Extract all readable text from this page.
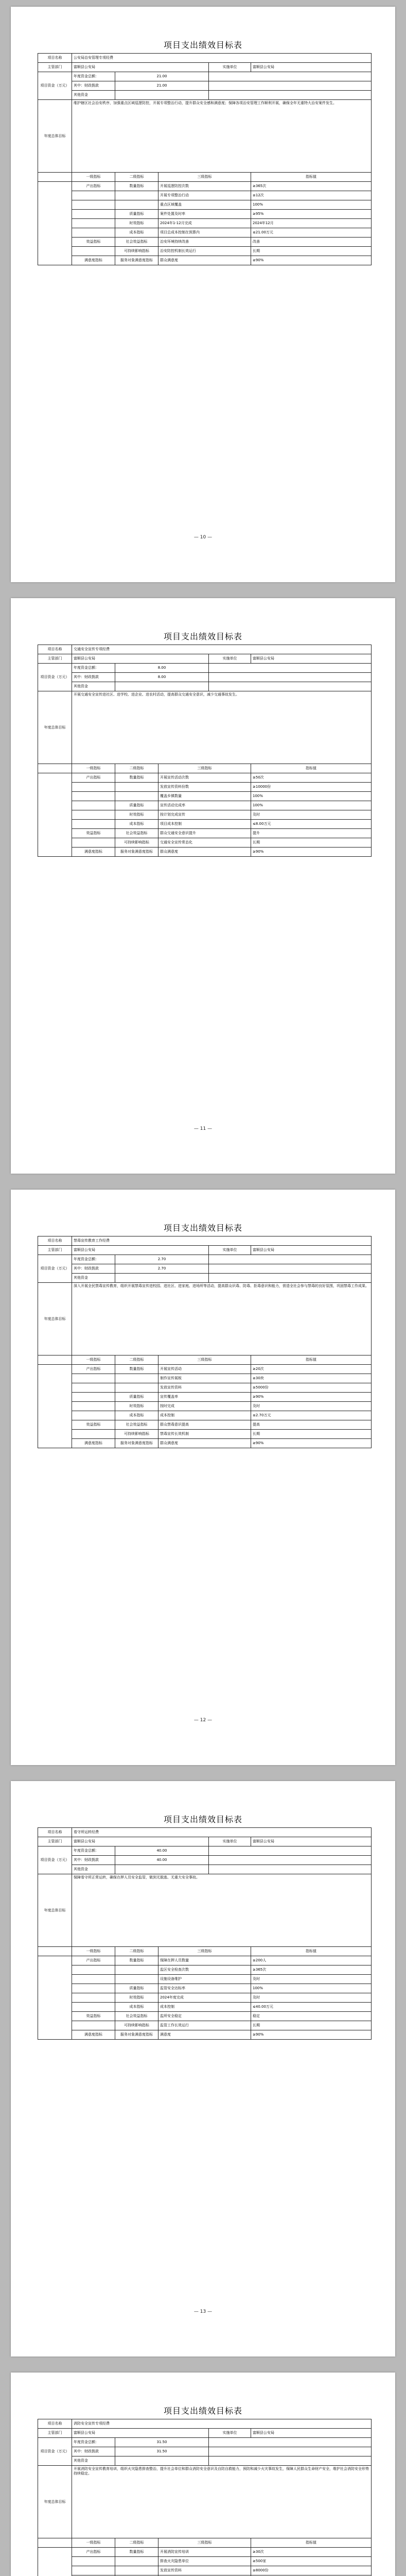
项目支出绩效目标表
项目名称	公安局治安管理专项经费				
主管部门	富顺县公安局			实施单位	富顺县公安局
项目资金（万元）	年度资金总额：	21.00			
	其中：财政拨款	21.00			
	其他资金				
年度总体目标	维护辖区社会治安秩序，加强重点区域巡逻防控，开展专项整治行动，提升群众安全感和满意度；保障各项治安管理工作顺利开展，确保全年无重特大治安案件发生。				
	一级指标	二级指标	三级指标		指标值
	产出指标	数量指标	开展巡逻防控次数		≥365次
			开展专项整治行动		≥12次
			重点区域覆盖		100%
		质量指标	案件处置及时率		≥95%
		时效指标	2024年1-12月完成		2024年12月
		成本指标	项目总成本控制在预算内		≤21.00万元
	效益指标	社会效益指标	治安环境持续改善		改善
		可持续影响指标	治安防控机制长效运行		长期
	满意度指标	服务对象满意度指标	群众满意度		≥90%
— 10 —
项目支出绩效目标表
项目名称	交通安全宣传专项经费				
主管部门	富顺县公安局			实施单位	富顺县公安局
项目资金（万元）	年度资金总额：	8.00			
	其中：财政拨款	8.00			
	其他资金				
年度总体目标	开展交通安全宣传进社区、进学校、进企业、进农村活动，提高群众交通安全意识，减少交通事故发生。				
	一级指标	二级指标	三级指标		指标值
	产出指标	数量指标	开展宣传活动次数		≥50次
			发放宣传资料份数		≥10000份
			覆盖乡镇数量		100%
		质量指标	宣传活动完成率		100%
		时效指标	按计划完成宣传		及时
		成本指标	项目成本控制		≤8.00万元
	效益指标	社会效益指标	群众交通安全意识提升		提升
		可持续影响指标	交通安全宣传常态化		长期
	满意度指标	服务对象满意度指标	群众满意度		≥90%
— 11 —
项目支出绩效目标表
项目名称	禁毒宣传教育工作经费				
主管部门	富顺县公安局			实施单位	富顺县公安局
项目资金（万元）	年度资金总额：	2.70			
	其中：财政拨款	2.70			
	其他资金				
年度总体目标	深入开展全民禁毒宣传教育，组织开展禁毒宣传进校园、进社区、进家庭、进场所等活动，提高群众识毒、防毒、拒毒意识和能力，营造全社会参与禁毒的良好氛围，巩固禁毒工作成果。				
	一级指标	二级指标	三级指标		指标值
	产出指标	数量指标	开展宣传活动		≥20次
			制作宣传展板		≥30块
			发放宣传资料		≥5000份
		质量指标	宣传覆盖率		≥90%
		时效指标	按时完成		及时
		成本指标	成本控制		≤2.70万元
	效益指标	社会效益指标	群众禁毒意识提高		提高
		可持续影响指标	禁毒宣传长效机制		长期
	满意度指标	服务对象满意度指标	群众满意度		≥90%
— 12 —
项目支出绩效目标表
项目名称	看守所运转经费				
主管部门	富顺县公安局			实施单位	富顺县公安局
项目资金（万元）	年度资金总额：	40.00			
	其中：财政拨款	40.00			
	其他资金				
年度总体目标	保障看守所正常运转，确保在押人员安全监管，做到无脱逃、无重大安全事故。				
	一级指标	二级指标	三级指标		指标值
	产出指标	数量指标	保障在押人员数量		≥200人
			监区安全检查次数		≥365次
			设施设备维护		及时
		质量指标	监管安全达标率		100%
		时效指标	2024年度完成		及时
		成本指标	成本控制		≤40.00万元
	效益指标	社会效益指标	监所安全稳定		稳定
		可持续影响指标	监管工作长效运行		长期
	满意度指标	服务对象满意度指标	满意度		≥90%
— 13 —
项目支出绩效目标表
项目名称	消防安全宣传专项经费				
主管部门	富顺县公安局			实施单位	富顺县公安局
项目资金（万元）	年度资金总额：	31.50			
	其中：财政拨款	31.50			
	其他资金				
年度总体目标	开展消防安全宣传教育培训，组织火灾隐患排查整治，提升社会单位和群众消防安全意识及自防自救能力，预防和减少火灾事故发生，保障人民群众生命财产安全，维护社会消防安全形势持续稳定。				
	一级指标	二级指标	三级指标		指标值
	产出指标	数量指标	开展消防宣传培训		≥30次
			排查火灾隐患单位		≥500家
			发放宣传资料		≥8000份
